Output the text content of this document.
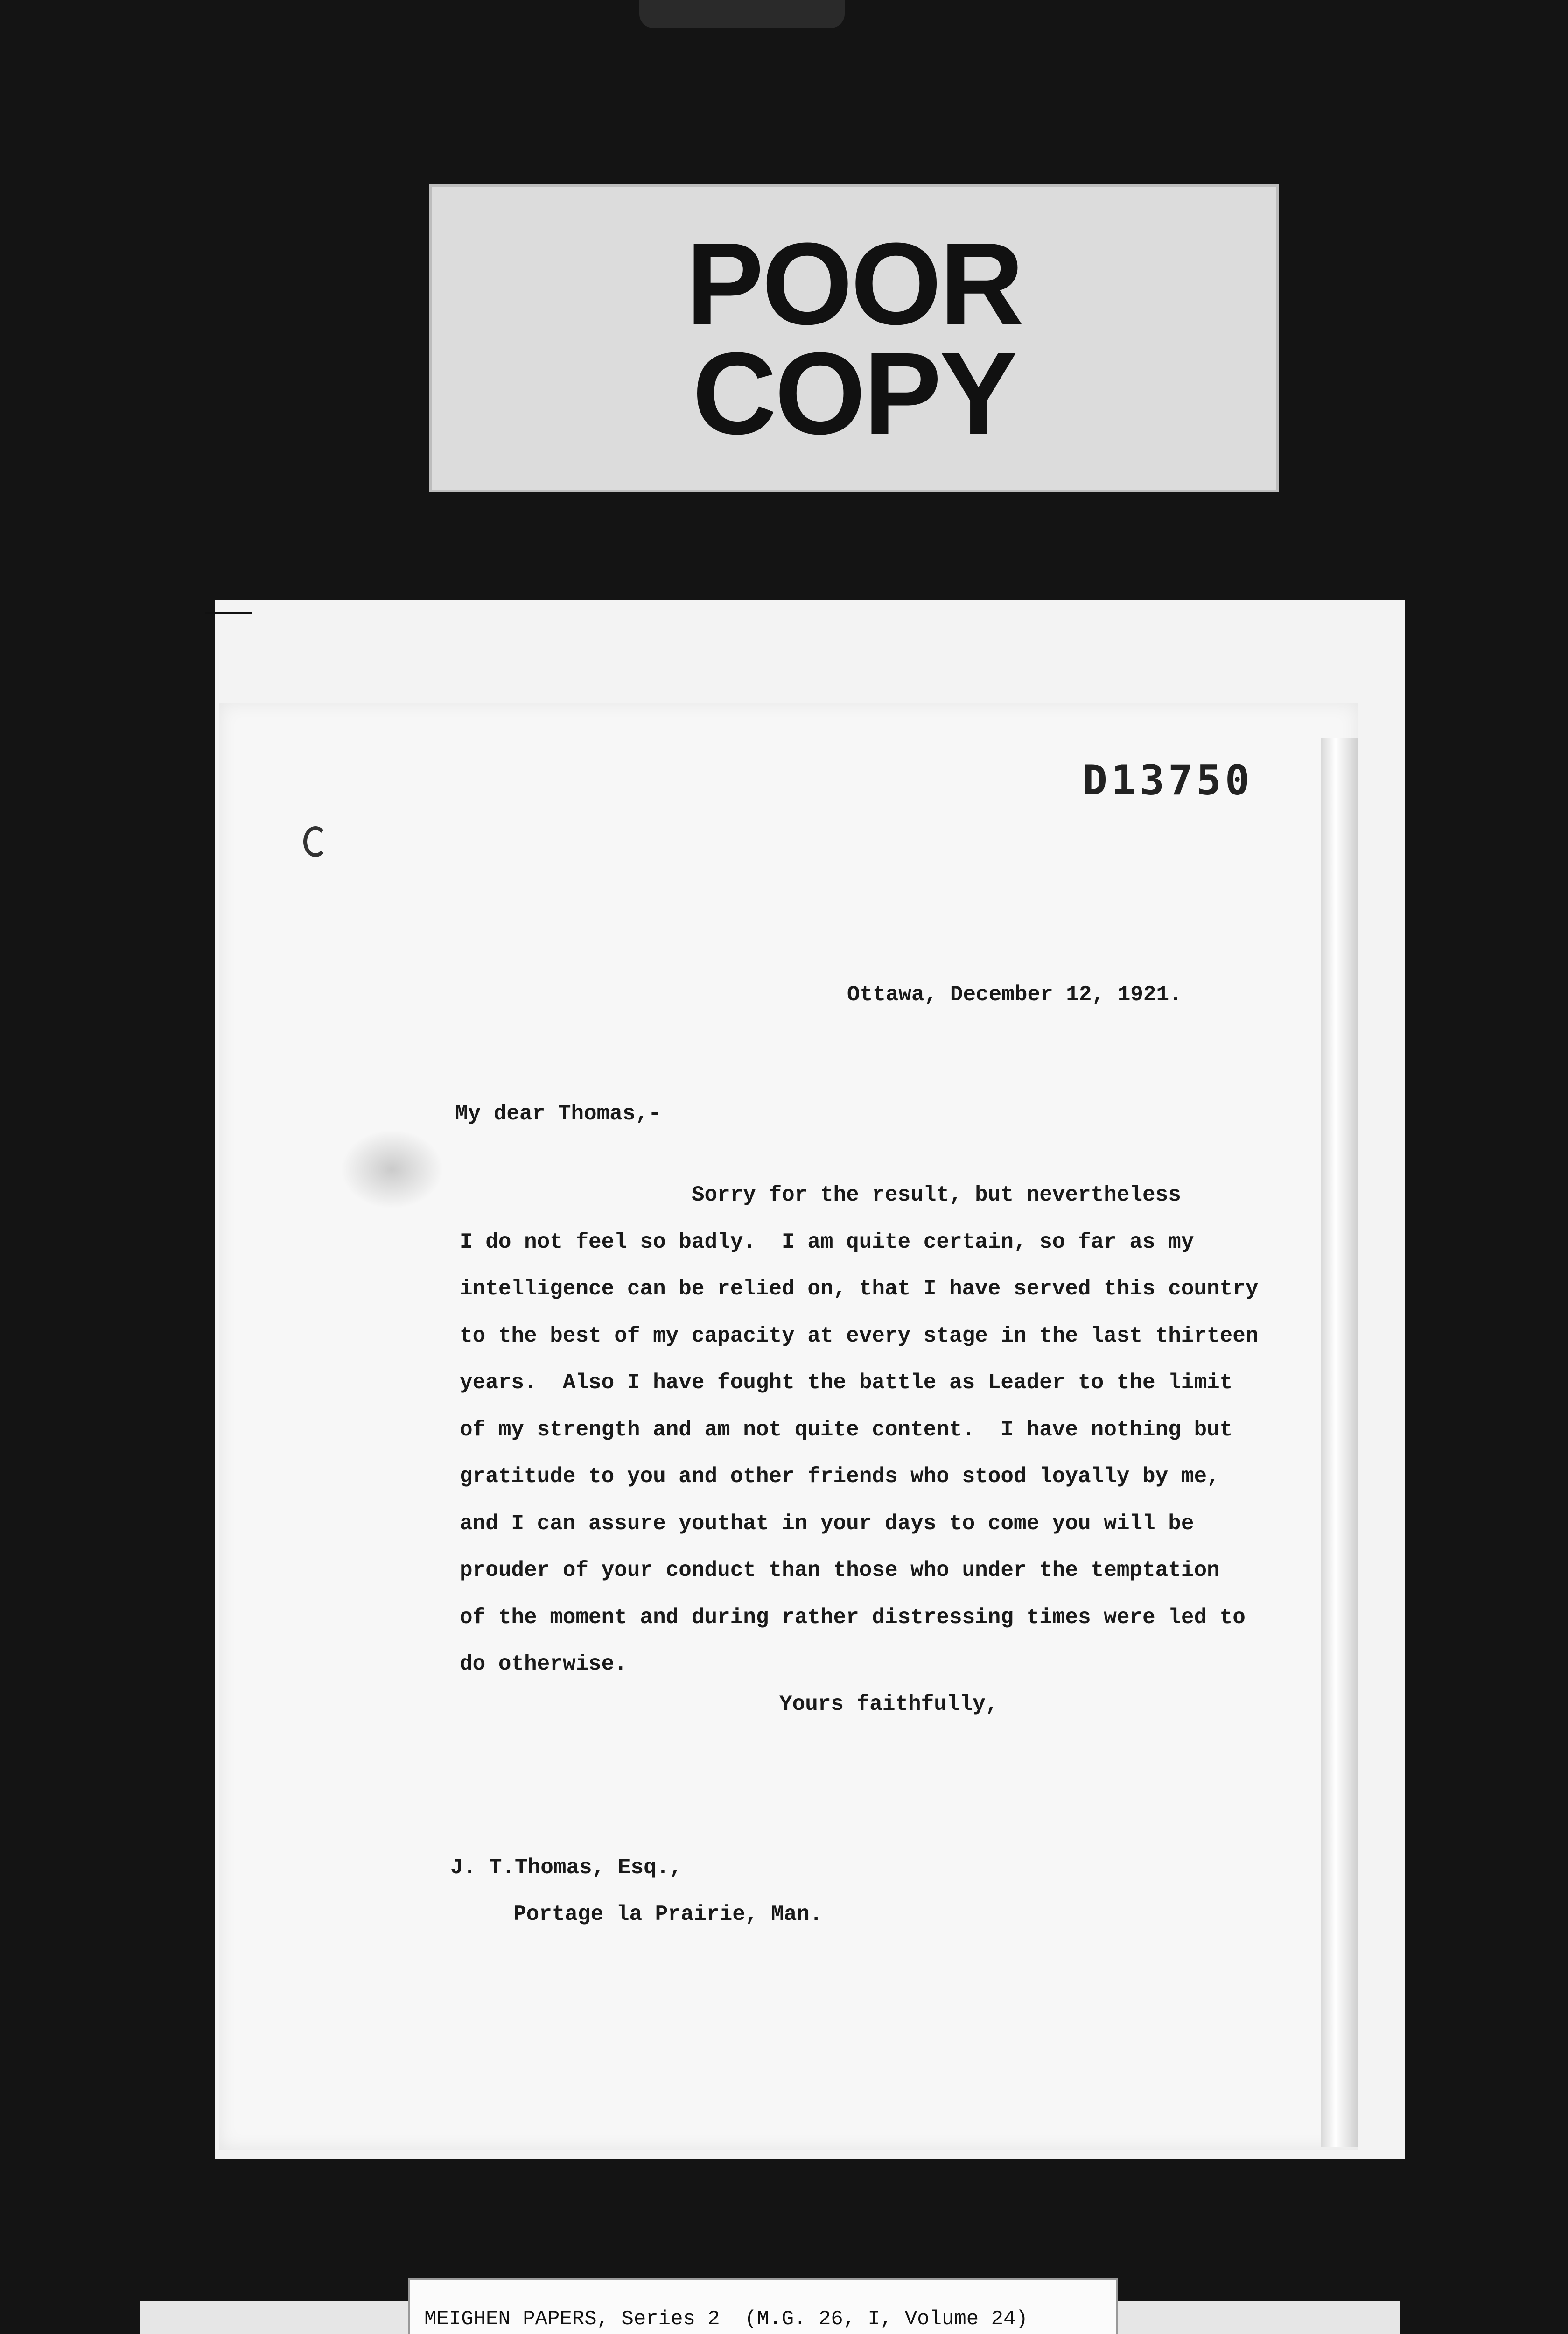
POOR
COPY
D13750
Ottawa, December 12, 1921.
My dear Thomas,-
Sorry for the result, but nevertheless
I do not feel so badly.  I am quite certain, so far as my
intelligence can be relied on, that I have served this country
to the best of my capacity at every stage in the last thirteen
years.  Also I have fought the battle as Leader to the limit
of my strength and am not quite content.  I have nothing but
gratitude to you and other friends who stood loyally by me,
and I can assure youthat in your days to come you will be
prouder of your conduct than those who under the temptation
of the moment and during rather distressing times were led to
do otherwise.
Yours faithfully,
J. T.Thomas, Esq.,
Portage la Prairie, Man.
MEIGHEN PAPERS, Series 2  (M.G. 26, I, Volume 24)
